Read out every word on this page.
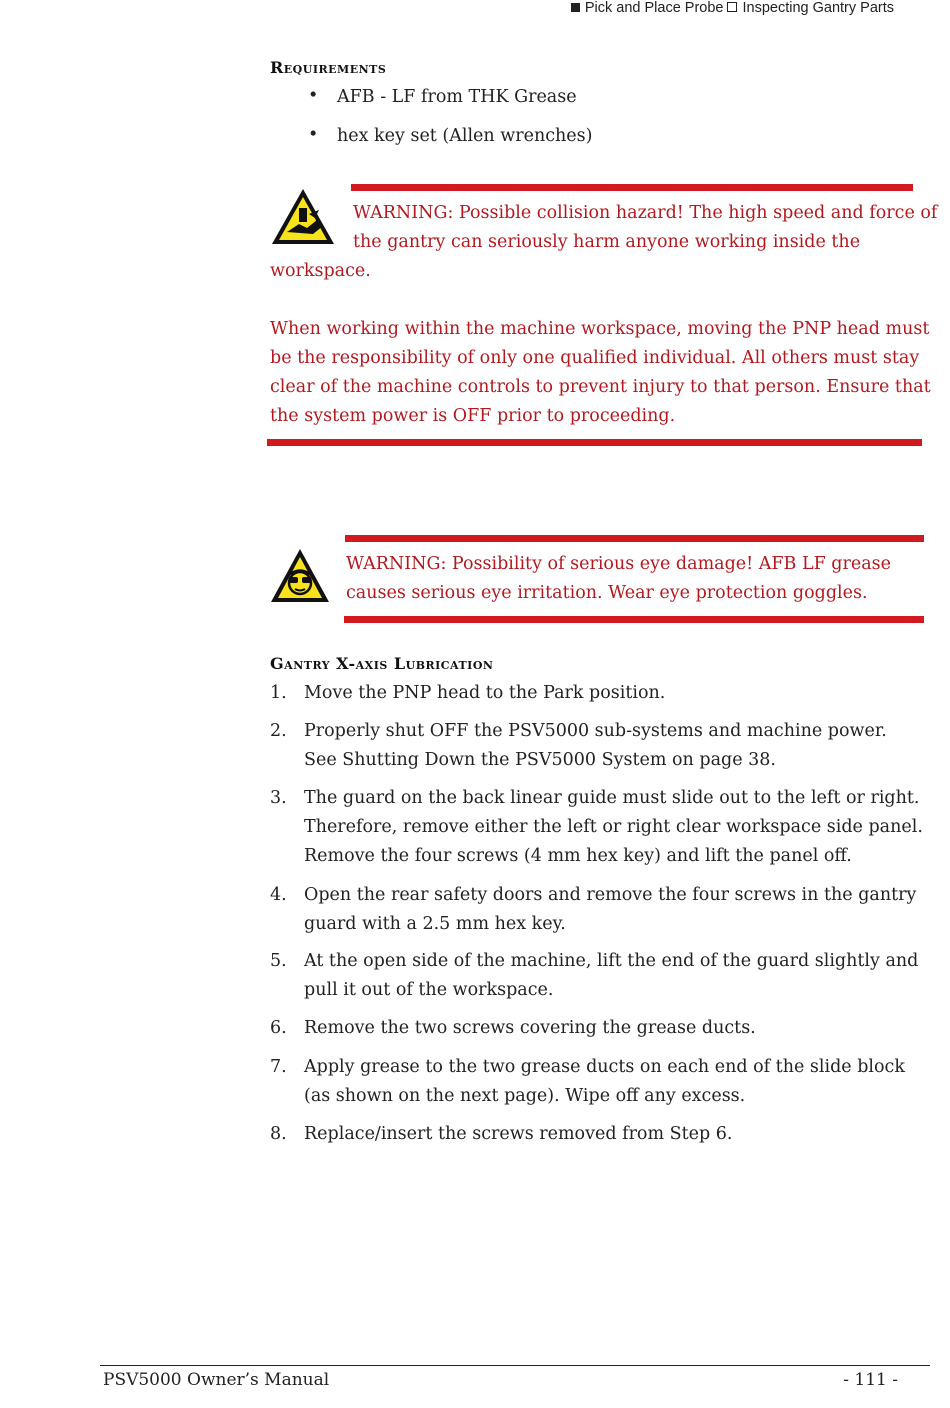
Pick and Place Probe Inspecting Gantry Parts
Requirements
• AFB - LF from THK Grease
• hex key set (Allen wrenches)
WARNING: Possible collision hazard! The high speed and force of
the gantry can seriously harm anyone working inside the
workspace.
When working within the machine workspace, moving the PNP head must
be the responsibility of only one qualified individual. All others must stay
clear of the machine controls to prevent injury to that person. Ensure that
the system power is OFF prior to proceeding.
WARNING: Possibility of serious eye damage! AFB LF grease
causes serious eye irritation. Wear eye protection goggles.
Gantry X-axis Lubrication
1. Move the PNP head to the Park position.
2. Properly shut OFF the PSV5000 sub-systems and machine power.
See Shutting Down the PSV5000 System on page 38.
3. The guard on the back linear guide must slide out to the left or right.
Therefore, remove either the left or right clear workspace side panel.
Remove the four screws (4 mm hex key) and lift the panel off.
4. Open the rear safety doors and remove the four screws in the gantry
guard with a 2.5 mm hex key.
5. At the open side of the machine, lift the end of the guard slightly and
pull it out of the workspace.
6. Remove the two screws covering the grease ducts.
7. Apply grease to the two grease ducts on each end of the slide block
(as shown on the next page). Wipe off any excess.
8. Replace/insert the screws removed from Step 6.
PSV5000 Owner’s Manual	- 111 -
